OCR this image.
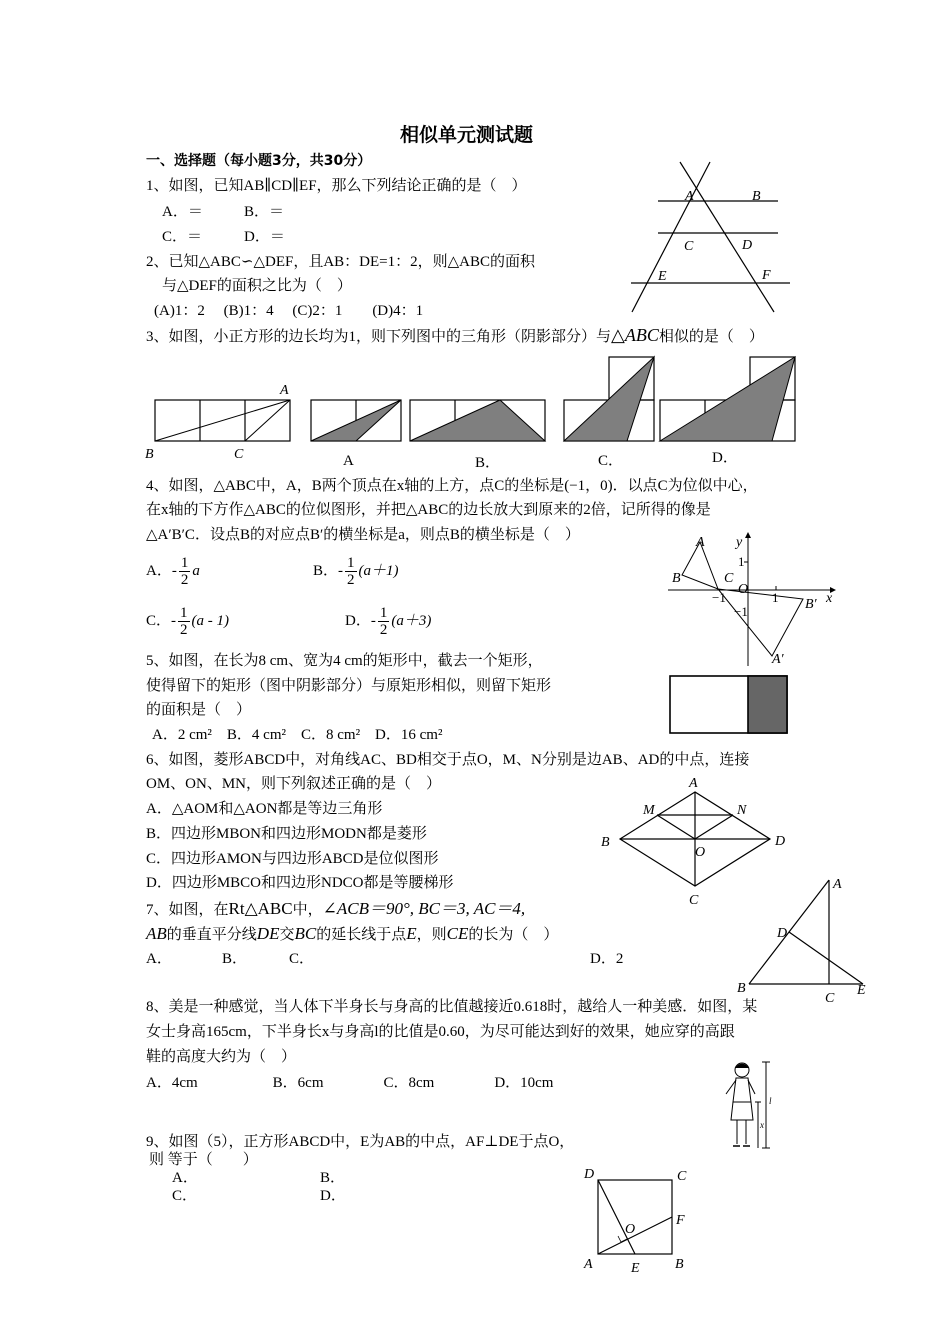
相似单元测试题
一、选择题（每小题3分，共30分）
1、如图，已知AB∥CD∥EF，那么下列结论正确的是（　）
A．＝	B．＝
C．＝	D．＝
A	B
C	D
E	F
2、已知△ABC∽△DEF，且AB：DE=1：2，则△ABC的面积
与△DEF的面积之比为（　）
(A)1：2　 (B)1：4　 (C)2：1　　(D)4：1
3、如图，小正方形的边长均为1，则下列图中的三角形（阴影部分）与△ABC相似的是（　）
A
B	C	A	B．	C．	D．
4、如图，△ABC中，A，B两个顶点在x轴的上方，点C的坐标是(−1，0)．以点C为位似中心，
在x轴的下方作△ABC的位似图形，并把△ABC的边长放大到原来的2倍，记所得的像是
△A′B′C．设点B的对应点B′的横坐标是a，则点B的横坐标是（　）
A．- $\frac{1}{2}$ a	B．- $\frac{1}{2} (a+1)$
C．- $\frac{1}{2} (a - 1)$	D．- $\frac{1}{2} (a+3)$
A
B	C
O
x
y
1
−1	1
−1	B′
A′
5、如图，在长为8 cm、宽为4 cm的矩形中，截去一个矩形，
使得留下的矩形（图中阴影部分）与原矩形相似，则留下矩形
的面积是（　）
A．2 cm²　B．4 cm²　C．8 cm²　D．16 cm²
6、如图，菱形ABCD中，对角线AC、BD相交于点O，M、N分别是边AB、AD的中点，连接
OM、ON、MN，则下列叙述正确的是（　）
A．△AOM和△AON都是等边三角形
B．四边形MBON和四边形MODN都是菱形
C．四边形AMON与四边形ABCD是位似图形
D．四边形MBCO和四边形NDCO都是等腰梯形
A
B
C
D
M	N
O
7、如图，在Rt△ABC中，∠ACB＝90°, BC＝3, AC＝4,
AB的垂直平分线DE交BC的延长线于点E，则CE的长为（　）
A．	B．	C．	D．2
A
B
C
D
E
8、美是一种感觉，当人体下半身长与身高的比值越接近0.618时，越给人一种美感．如图，某
女士身高165cm，下半身长x与身高l的比值是0.60，为尽可能达到好的效果，她应穿的高跟
鞋的高度大约为（　）
A．4cm　　　　　B．6cm　　　　C．8cm　　　　D．10cm
l
x
9、如图（5），正方形ABCD中，E为AB的中点，AF⊥DE于点O，
则 等于（　　）
A．	B．
C．	D．
D	C
A	B
E
F
O
